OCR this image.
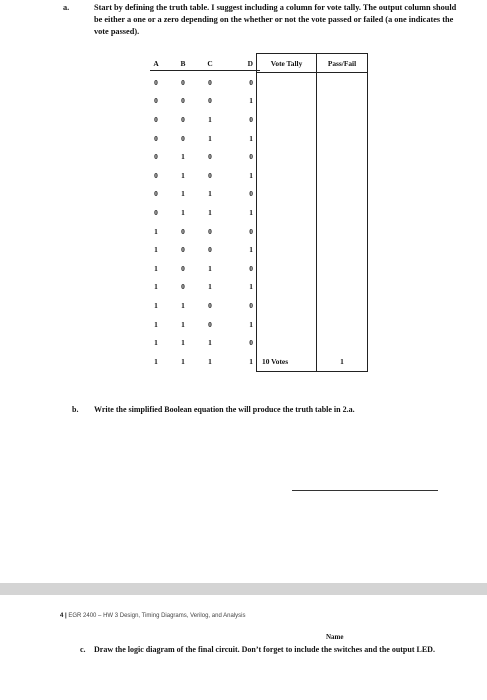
a.	Start by defining the truth table. I suggest including a column for vote tally. The output column should be either a one or a zero depending on the whether or not the vote passed or failed (a one indicates the vote passed).
A	B	C	D	Vote Tally	Pass/Fail
0	0	0	0		
0	0	0	1		
0	0	1	0		
0	0	1	1		
0	1	0	0		
0	1	0	1		
0	1	1	0		
0	1	1	1		
1	0	0	0		
1	0	0	1		
1	0	1	0		
1	0	1	1		
1	1	0	0		
1	1	0	1		
1	1	1	0		
1	1	1	1	10 Votes	1
b. Write the simplified Boolean equation the will produce the truth table in 2.a.
4 | EGR 2400 – HW 3 Design, Timing Diagrams, Verilog, and Analysis
Name
c. Draw the logic diagram of the final circuit. Don’t forget to include the switches and the output LED.
